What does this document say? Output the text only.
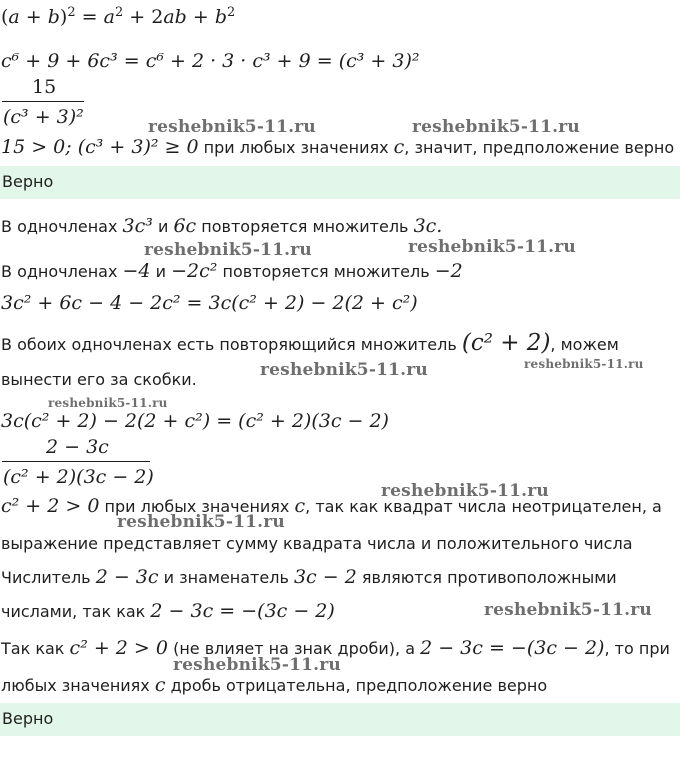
$(a + b)^2 = a^2 + 2ab + b^2$
c⁶ + 9 + 6c³ = c⁶ + 2 · 3 · c³ + 9 = (c³ + 3)²
15
(c³ + 3)²
15 > 0; (c³ + 3)² ≥ 0 при любых значениях c, значит, предположение верно
Верно
В одночленах 3c³ и 6c повторяется множитель 3c.
В одночленах −4 и −2c² повторяется множитель −2
3c² + 6c − 4 − 2c² = 3c(c² + 2) − 2(2 + c²)
В обоих одночленах есть повторяющийся множитель (c² + 2), можем
вынести его за скобки.
3c(c² + 2) − 2(2 + c²) = (c² + 2)(3c − 2)
2 − 3c
(c² + 2)(3c − 2)
c² + 2 > 0 при любых значениях c, так как квадрат числа неотрицателен, а
выражение представляет сумму квадрата числа и положительного числа
Числитель 2 − 3c и знаменатель 3c − 2 являются противоположными
числами, так как 2 − 3c = −(3c − 2)
Так как c² + 2 > 0 (не влияет на знак дроби), а 2 − 3c = −(3c − 2), то при
любых значениях c дробь отрицательна, предположение верно
Верно
reshebnik5-11.ru	reshebnik5-11.ru
reshebnik5-11.ru	reshebnik5-11.ru
reshebnik5-11.ru	reshebnik5-11.ru
reshebnik5-11.ru
reshebnik5-11.ru
reshebnik5-11.ru
reshebnik5-11.ru
reshebnik5-11.ru
